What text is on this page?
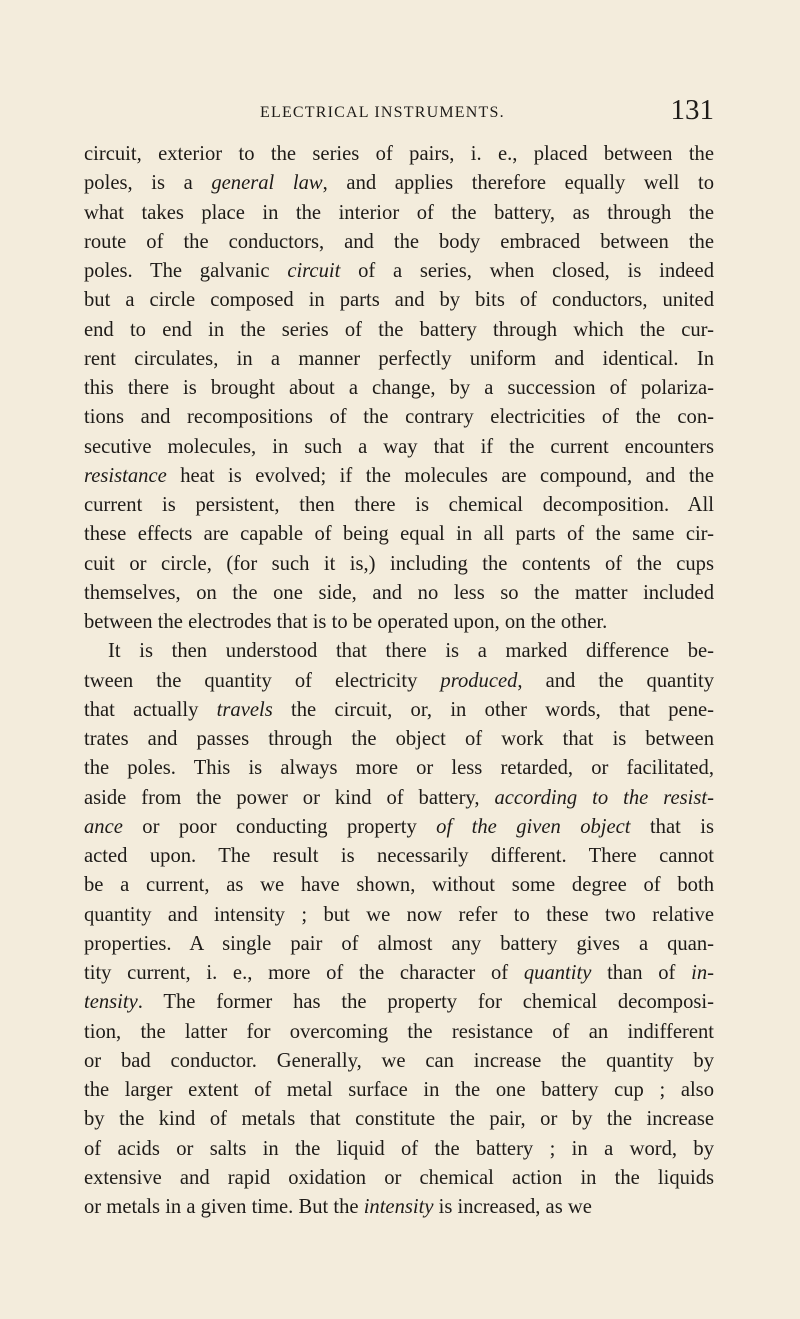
ELECTRICAL INSTRUMENTS.	131
circuit, exterior to the series of pairs, i. e., placed between the
poles, is a general law, and applies therefore equally well to
what takes place in the interior of the battery, as through the
route of the conductors, and the body embraced between the
poles. The galvanic circuit of a series, when closed, is indeed
but a circle composed in parts and by bits of conductors, united
end to end in the series of the battery through which the cur-
rent circulates, in a manner perfectly uniform and identical. In
this there is brought about a change, by a succession of polariza-
tions and recompositions of the contrary electricities of the con-
secutive molecules, in such a way that if the current encounters
resistance heat is evolved; if the molecules are compound, and the
current is persistent, then there is chemical decomposition. All
these effects are capable of being equal in all parts of the same cir-
cuit or circle, (for such it is,) including the contents of the cups
themselves, on the one side, and no less so the matter included
between the electrodes that is to be operated upon, on the other.
It is then understood that there is a marked difference be-
tween the quantity of electricity produced, and the quantity
that actually travels the circuit, or, in other words, that pene-
trates and passes through the object of work that is between
the poles. This is always more or less retarded, or facilitated,
aside from the power or kind of battery, according to the resist-
ance or poor conducting property of the given object that is
acted upon. The result is necessarily different. There cannot
be a current, as we have shown, without some degree of both
quantity and intensity ; but we now refer to these two relative
properties. A single pair of almost any battery gives a quan-
tity current, i. e., more of the character of quantity than of in-
tensity. The former has the property for chemical decomposi-
tion, the latter for overcoming the resistance of an indifferent
or bad conductor. Generally, we can increase the quantity by
the larger extent of metal surface in the one battery cup ; also
by the kind of metals that constitute the pair, or by the increase
of acids or salts in the liquid of the battery ; in a word, by
extensive and rapid oxidation or chemical action in the liquids
or metals in a given time. But the intensity is increased, as we
